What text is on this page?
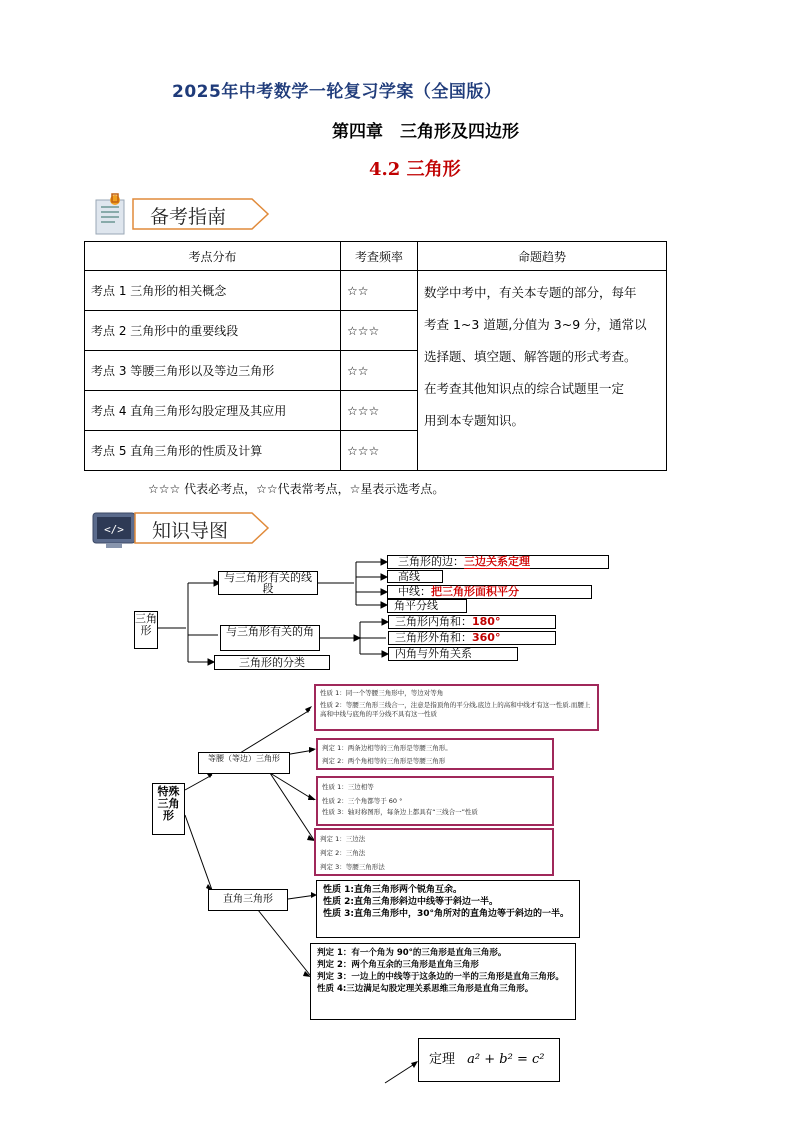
2025年中考数学一轮复习学案（全国版）
第四章　三角形及四边形
4.2 三角形
备考指南
考点分布	考查频率	命题趋势
考点 1 三角形的相关概念	☆☆	数学中考中，有关本专题的部分，每年
考查 1~3 道题,分值为 3~9 分，通常以
选择题、填空题、解答题的形式考查。
在考查其他知识点的综合试题里一定
用到本专题知识。

考点 2 三角形中的重要线段	☆☆☆	
考点 3 等腰三角形以及等边三角形	☆☆	
考点 4 直角三角形勾股定理及其应用	☆☆☆	
考点 5 直角三角形的性质及计算	☆☆☆	
☆☆☆ 代表必考点，☆☆代表常考点，☆星表示选考点。
</> 知识导图
三角形
与三角形有关的线段
与三角形有关的角
三角形的分类
三角形的边：三边关系定理
高线
中线：把三角形面积平分
角平分线
三角形内角和：180°
三角形外角和：360°
内角与外角关系
特殊三角形
等腰（等边）三角形
直角三角形
性质 1：同一个等腰三角形中，等边对等角
性质 2：等腰三角形三线合一，注意是指顶角的平分线,底边上的高和中线才有这一性质.而腰上高和中线与底角的平分线不具有这一性质
判定 1：两条边相等的三角形是等腰三角形。
判定 2：两个角相等的三角形是等腰三角形
性质 1：三边相等
性质 2：三个角都等于 60 °
性质 3：轴对称图形，每条边上都具有“三线合一”性质
判定 1：三边法
判定 2：三角法
判定 3：等腰三角形法
性质 1:直角三角形两个锐角互余。
性质 2:直角三角形斜边中线等于斜边一半。
性质 3:直角三角形中，30°角所对的直角边等于斜边的一半。
判定 1：有一个角为 90°的三角形是直角三角形。
判定 2：两个角互余的三角形是直角三角形
判定 3：一边上的中线等于这条边的一半的三角形是直角三角形。
性质 4:三边满足勾股定理关系思维三角形是直角三角形。
定理 a² + b² = c²
